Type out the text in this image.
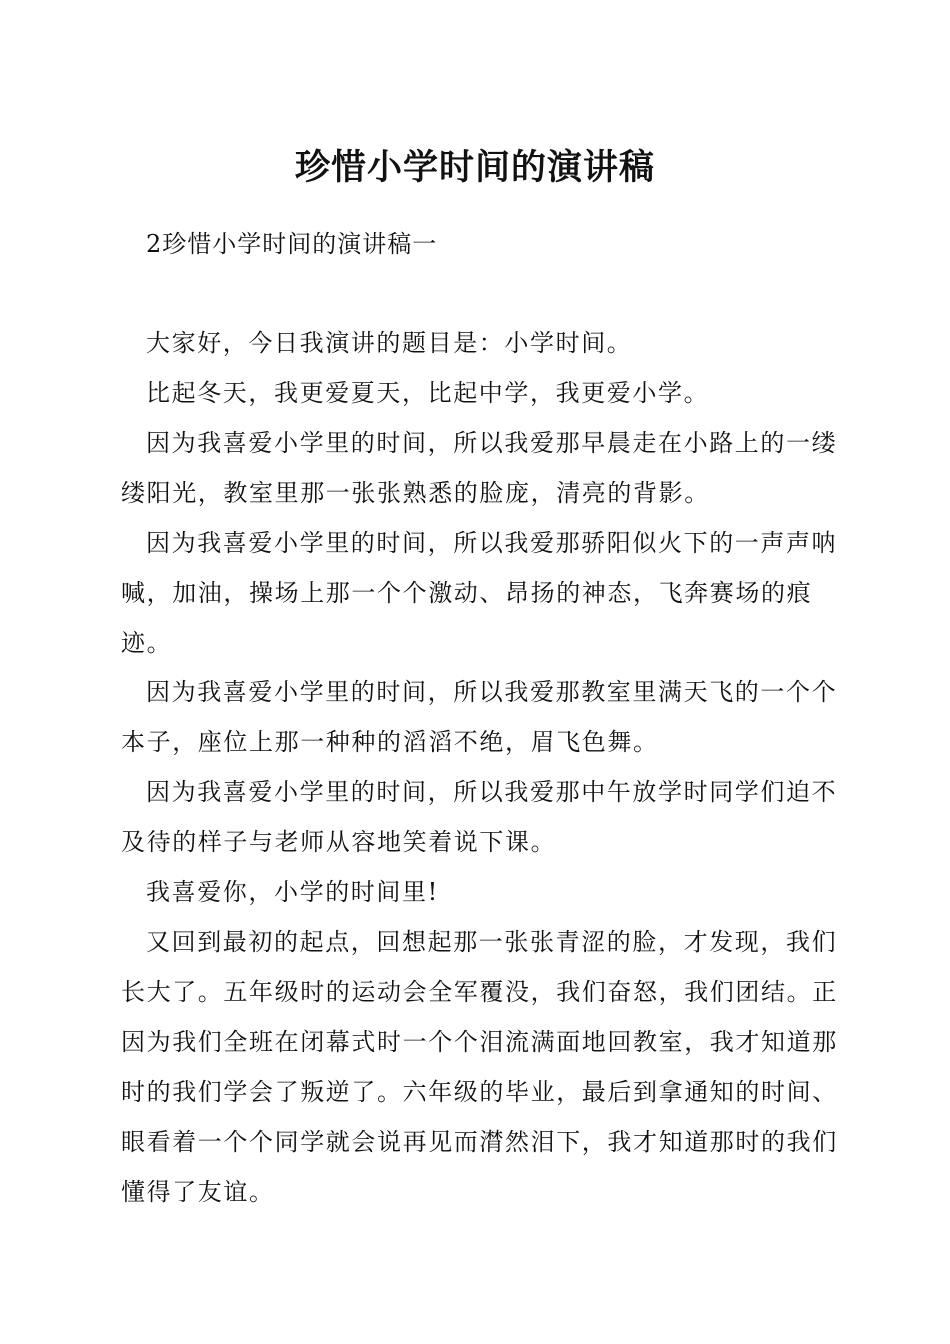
珍惜小学时间的演讲稿
2珍惜小学时间的演讲稿一

大家好，今日我演讲的题目是：小学时间。

比起冬天，我更爱夏天，比起中学，我更爱小学。

因为我喜爱小学里的时间，所以我爱那早晨走在小路上的一缕缕阳光，教室里那一张张熟悉的脸庞，清亮的背影。

因为我喜爱小学里的时间，所以我爱那骄阳似火下的一声声呐喊，加油，操场上那一个个激动、昂扬的神态，飞奔赛场的痕迹。

因为我喜爱小学里的时间，所以我爱那教室里满天飞的一个个本子，座位上那一种种的滔滔不绝，眉飞色舞。

因为我喜爱小学里的时间，所以我爱那中午放学时同学们迫不及待的样子与老师从容地笑着说下课。

我喜爱你，小学的时间里!

又回到最初的起点，回想起那一张张青涩的脸，才发现，我们长大了。五年级时的运动会全军覆没，我们奋怒，我们团结。正因为我们全班在闭幕式时一个个泪流满面地回教室，我才知道那时的我们学会了叛逆了。六年级的毕业，最后到拿通知的时间、眼看着一个个同学就会说再见而潸然泪下，我才知道那时的我们懂得了友谊。
